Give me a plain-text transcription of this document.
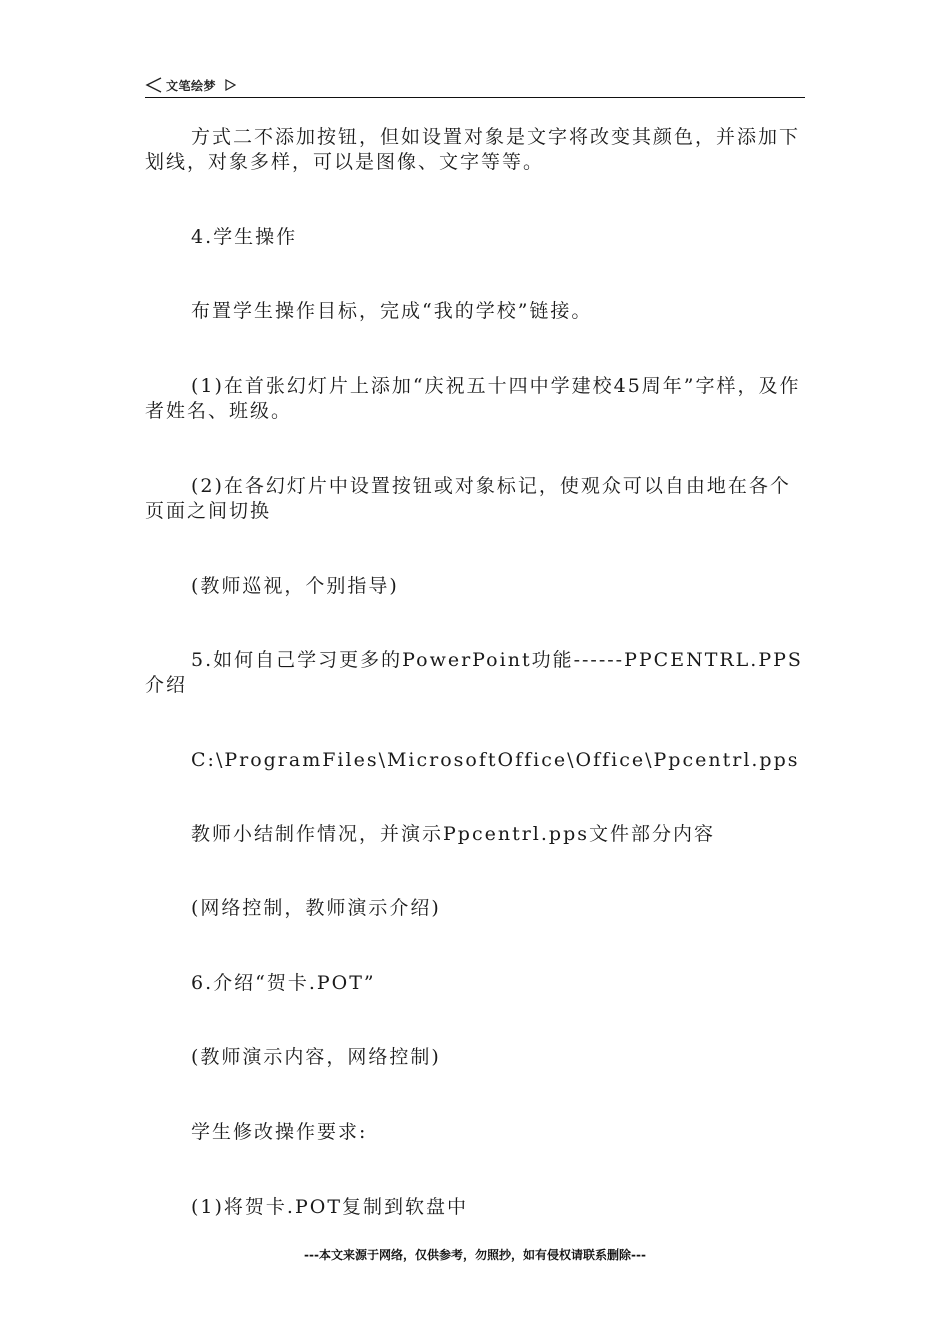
文笔绘梦
方式二不添加按钮，但如设置对象是文字将改变其颜色，并添加下划线，对象多样，可以是图像、文字等等。
4.学生操作
布置学生操作目标，完成“我的学校”链接。
(1)在首张幻灯片上添加“庆祝五十四中学建校45周年”字样，及作者姓名、班级。
(2)在各幻灯片中设置按钮或对象标记，使观众可以自由地在各个页面之间切换
(教师巡视，个别指导)
5.如何自己学习更多的PowerPoint功能------PPCENTRL.PPS介绍
C:\ProgramFiles\MicrosoftOffice\Office\Ppcentrl.pps
教师小结制作情况，并演示Ppcentrl.pps文件部分内容
(网络控制，教师演示介绍)
6.介绍“贺卡.POT”
(教师演示内容，网络控制)
学生修改操作要求:
(1)将贺卡.POT复制到软盘中
---本文来源于网络，仅供参考，勿照抄，如有侵权请联系删除---
